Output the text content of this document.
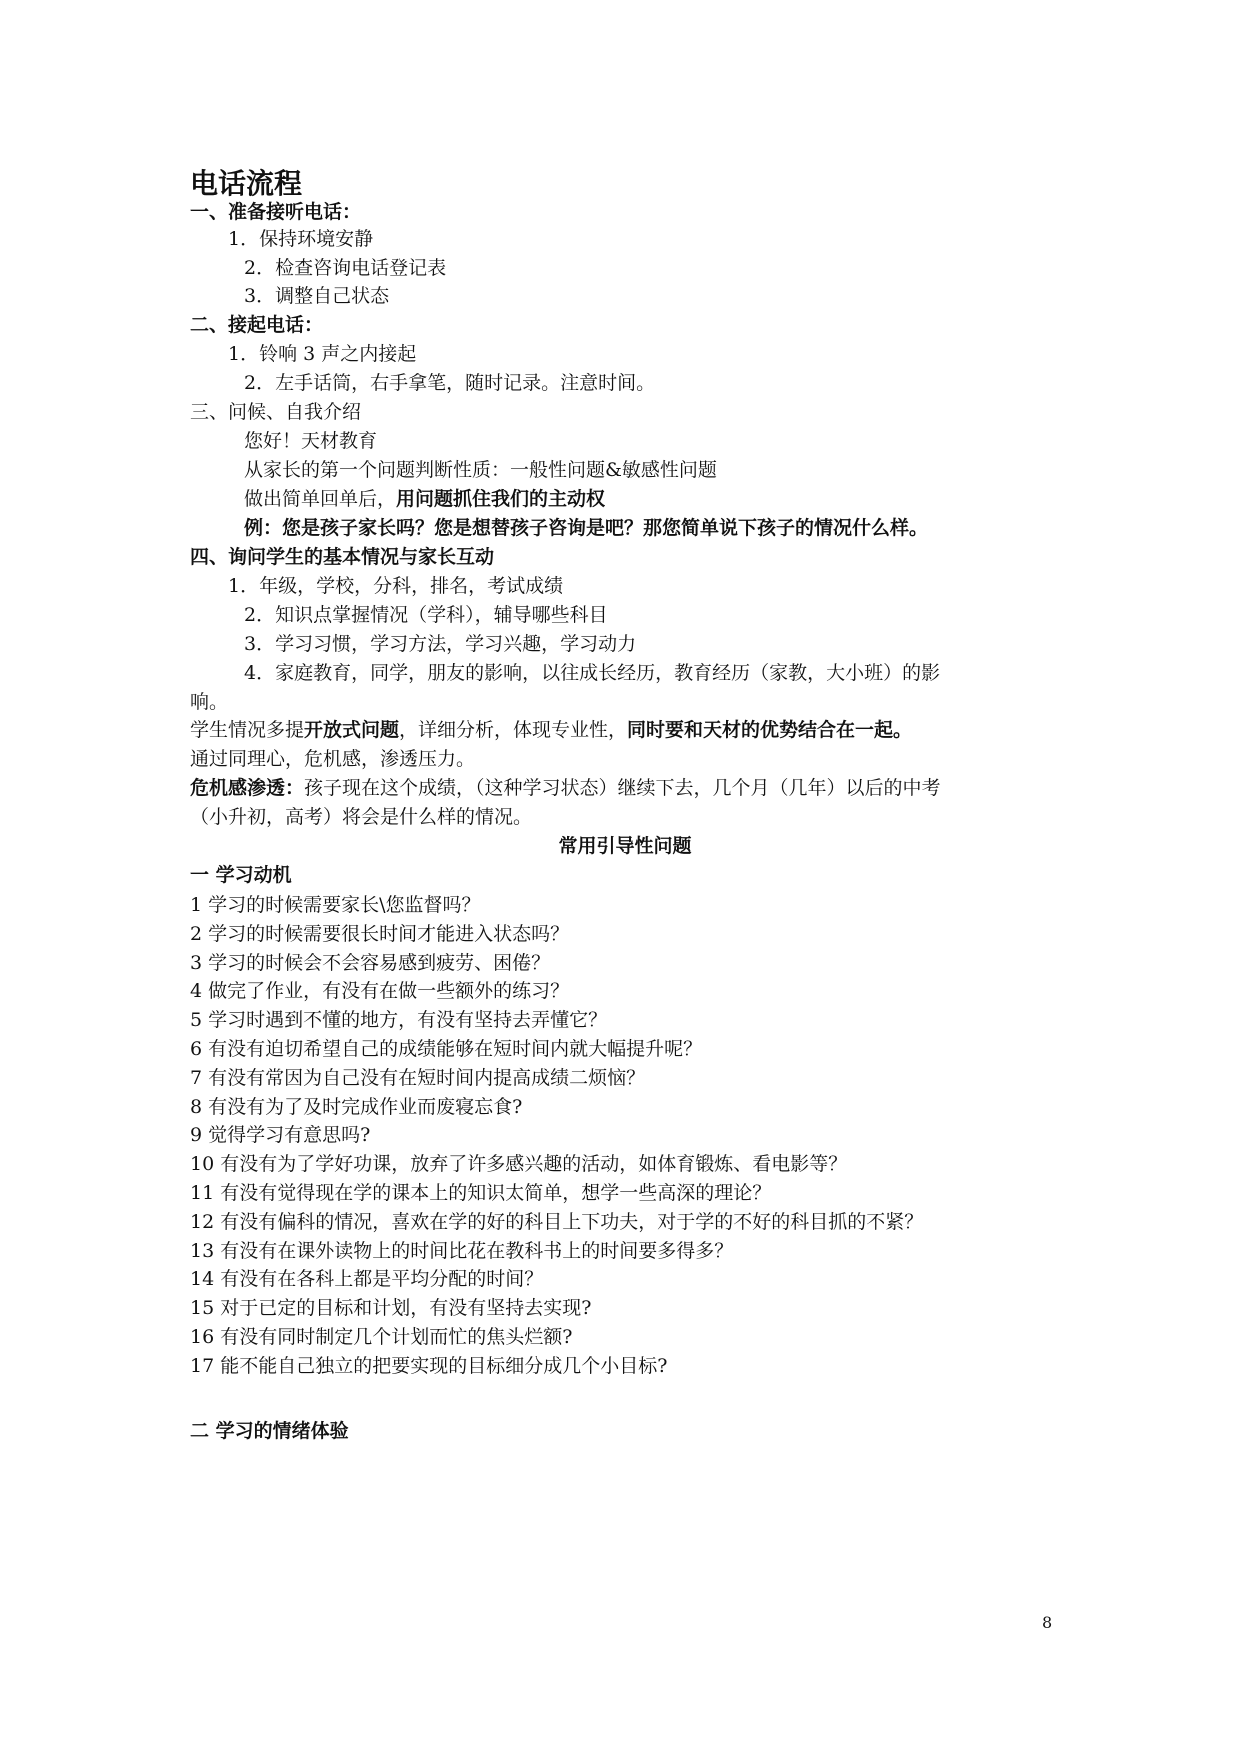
电话流程
一、准备接听电话：
1．保持环境安静
2．检查咨询电话登记表
3．调整自己状态
二、接起电话：
1．铃响 3 声之内接起
2．左手话筒，右手拿笔，随时记录。注意时间。
三、问候、自我介绍
您好！天材教育
从家长的第一个问题判断性质：一般性问题&敏感性问题
做出简单回单后，用问题抓住我们的主动权
例：您是孩子家长吗？您是想替孩子咨询是吧？那您简单说下孩子的情况什么样。
四、询问学生的基本情况与家长互动
1．年级，学校，分科，排名，考试成绩
2．知识点掌握情况（学科），辅导哪些科目
3．学习习惯，学习方法，学习兴趣，学习动力
4．家庭教育，同学，朋友的影响，以往成长经历，教育经历（家教，大小班）的影
响。
学生情况多提开放式问题，详细分析，体现专业性，同时要和天材的优势结合在一起。
通过同理心，危机感，渗透压力。
危机感渗透：孩子现在这个成绩，（这种学习状态）继续下去，几个月（几年）以后的中考
（小升初，高考）将会是什么样的情况。
常用引导性问题
一 学习动机
1 学习的时候需要家长\您监督吗？
2 学习的时候需要很长时间才能进入状态吗？
3 学习的时候会不会容易感到疲劳、困倦？
4 做完了作业，有没有在做一些额外的练习？
5 学习时遇到不懂的地方，有没有坚持去弄懂它？
6 有没有迫切希望自己的成绩能够在短时间内就大幅提升呢？
7 有没有常因为自己没有在短时间内提高成绩二烦恼？
8 有没有为了及时完成作业而废寝忘食?
9 觉得学习有意思吗?
10 有没有为了学好功课，放弃了许多感兴趣的活动，如体育锻炼、看电影等？
11 有没有觉得现在学的课本上的知识太简单，想学一些高深的理论？
12 有没有偏科的情况，喜欢在学的好的科目上下功夫，对于学的不好的科目抓的不紧？
13 有没有在课外读物上的时间比花在教科书上的时间要多得多？
14 有没有在各科上都是平均分配的时间？
15 对于已定的目标和计划，有没有坚持去实现?
16 有没有同时制定几个计划而忙的焦头烂额?
17 能不能自己独立的把要实现的目标细分成几个小目标?
二 学习的情绪体验
8
